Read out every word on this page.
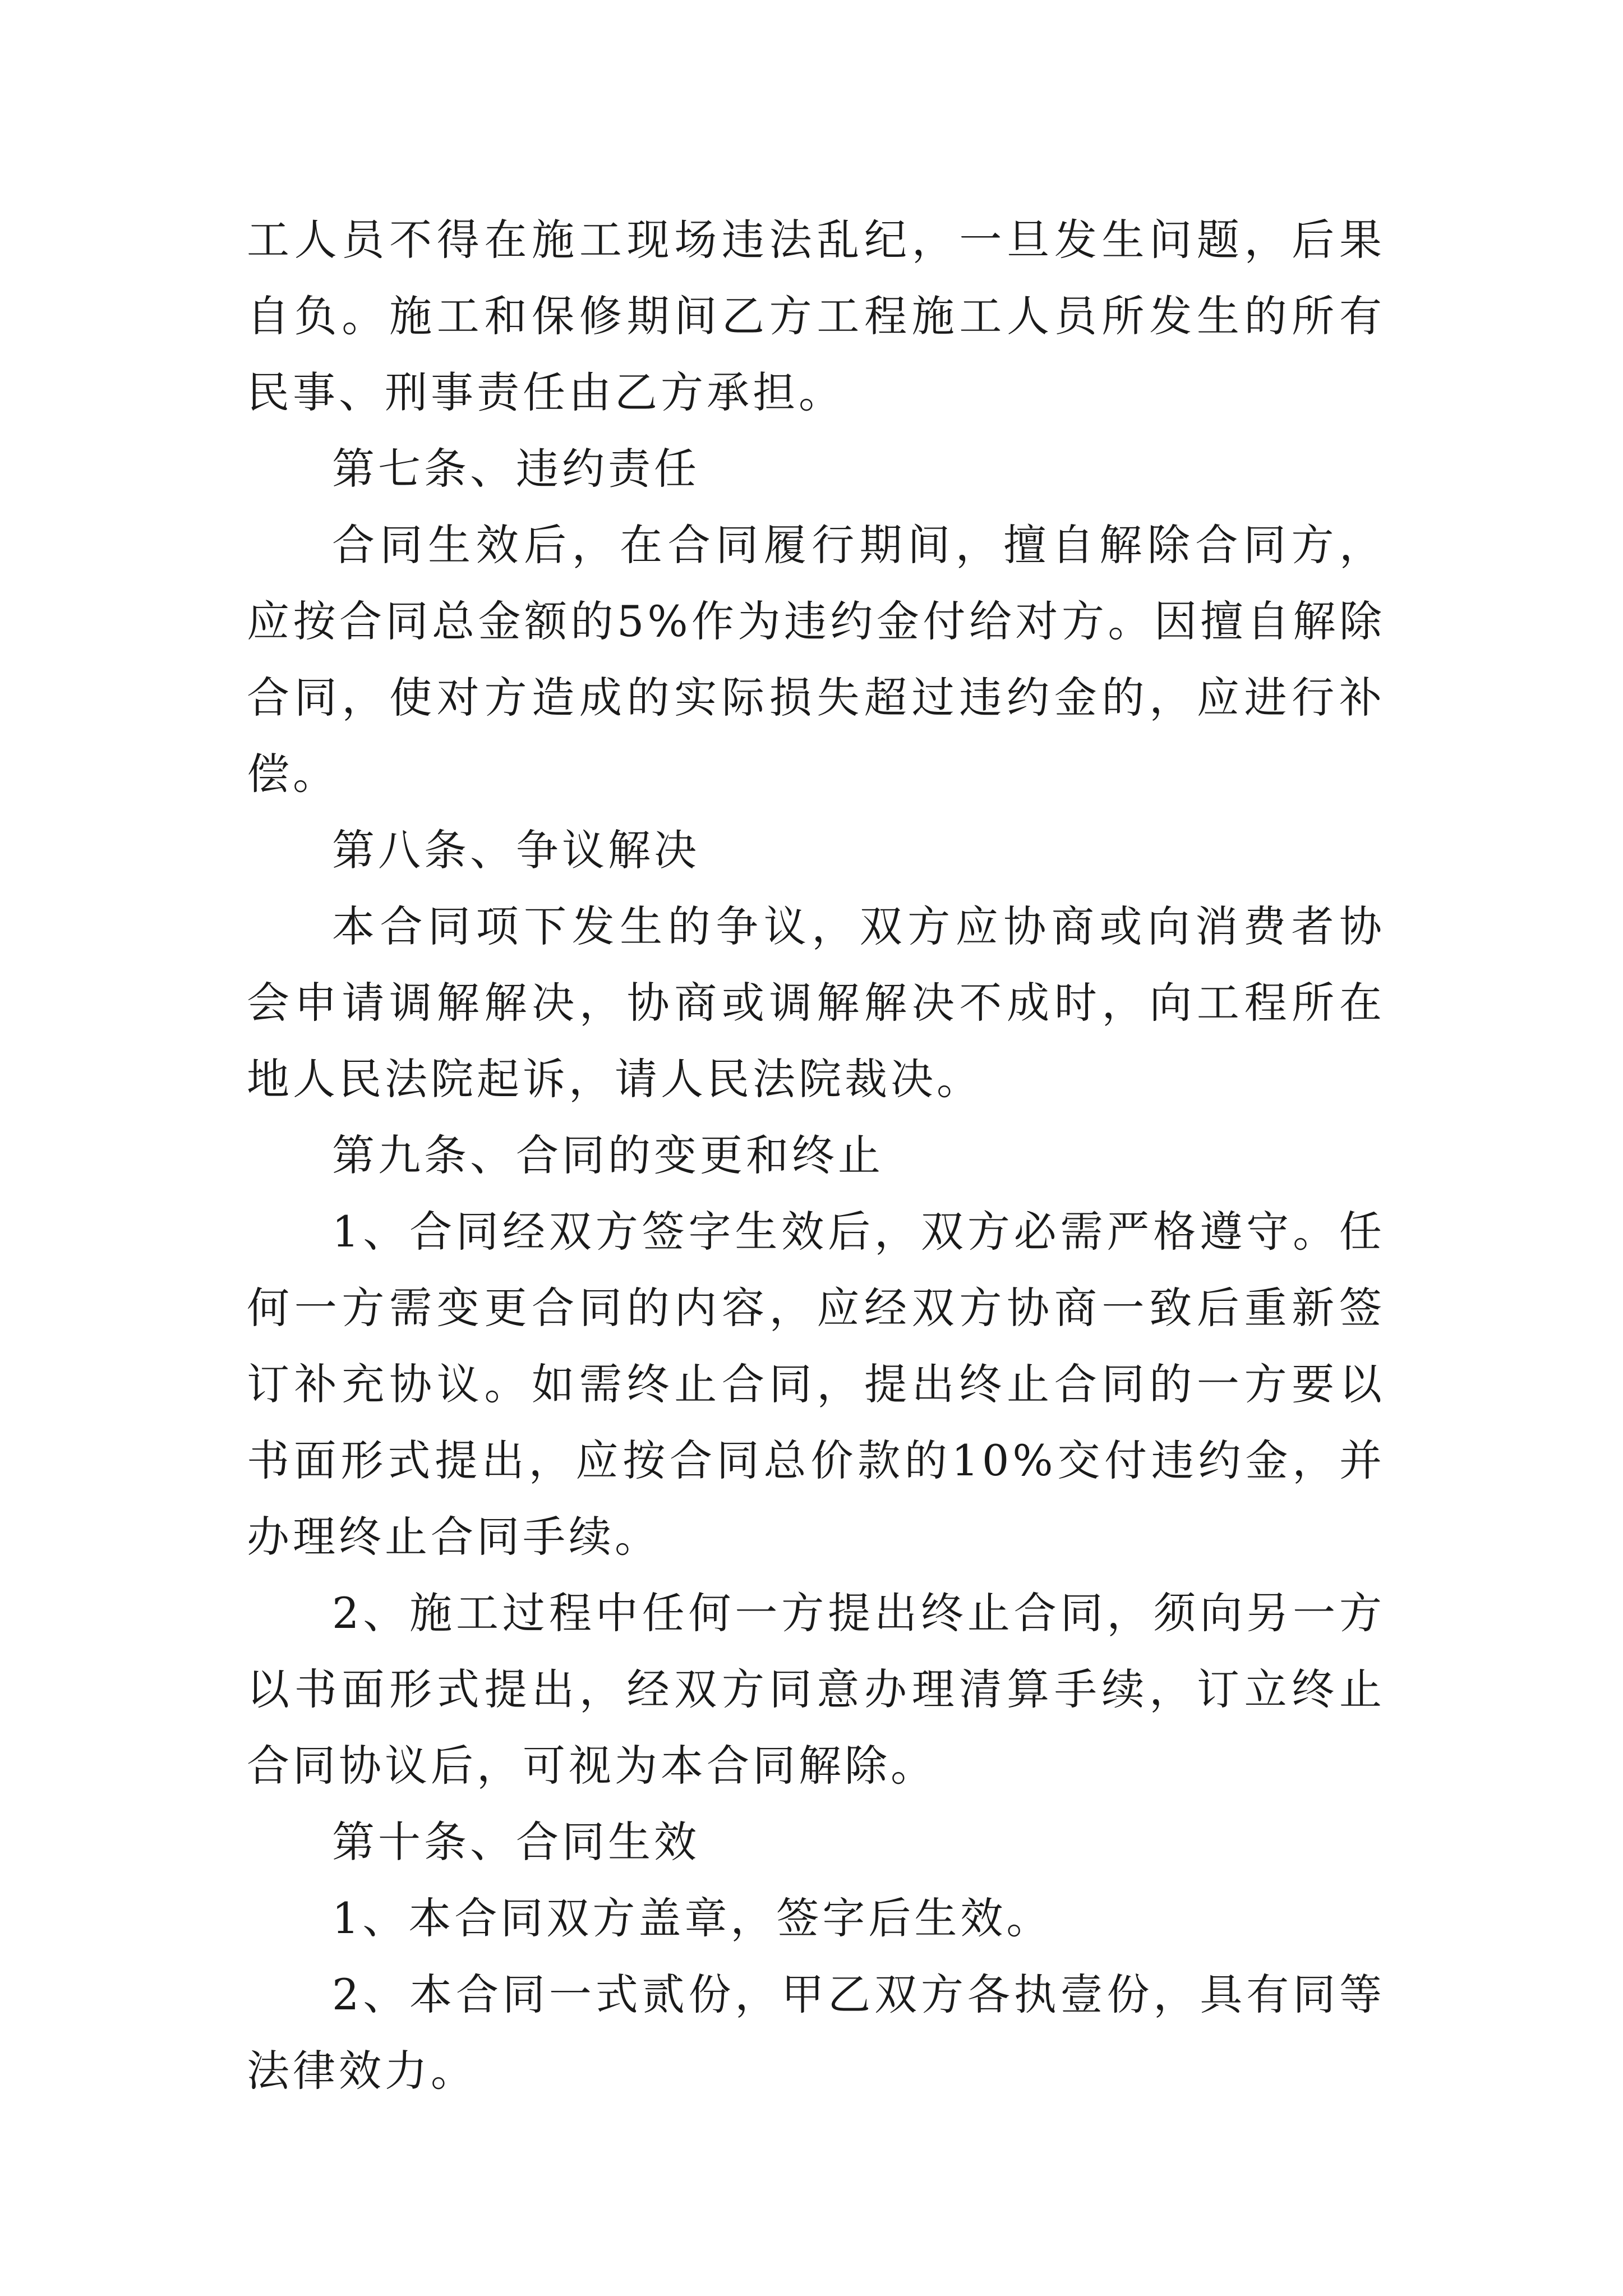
工人员不得在施工现场违法乱纪，一旦发生问题，后果自负。施工和保修期间乙方工程施工人员所发生的所有民事、刑事责任由乙方承担。

第七条、违约责任

合同生效后，在合同履行期间，擅自解除合同方，应按合同总金额的5%作为违约金付给对方。因擅自解除合同，使对方造成的实际损失超过违约金的，应进行补偿。

第八条、争议解决

本合同项下发生的争议，双方应协商或向消费者协会申请调解解决，协商或调解解决不成时，向工程所在地人民法院起诉，请人民法院裁决。

第九条、合同的变更和终止

1、合同经双方签字生效后，双方必需严格遵守。任何一方需变更合同的内容，应经双方协商一致后重新签订补充协议。如需终止合同，提出终止合同的一方要以书面形式提出，应按合同总价款的10%交付违约金，并办理终止合同手续。

2、施工过程中任何一方提出终止合同，须向另一方以书面形式提出，经双方同意办理清算手续，订立终止合同协议后，可视为本合同解除。

第十条、合同生效

1、本合同双方盖章，签字后生效。

2、本合同一式贰份，甲乙双方各执壹份，具有同等法律效力。
